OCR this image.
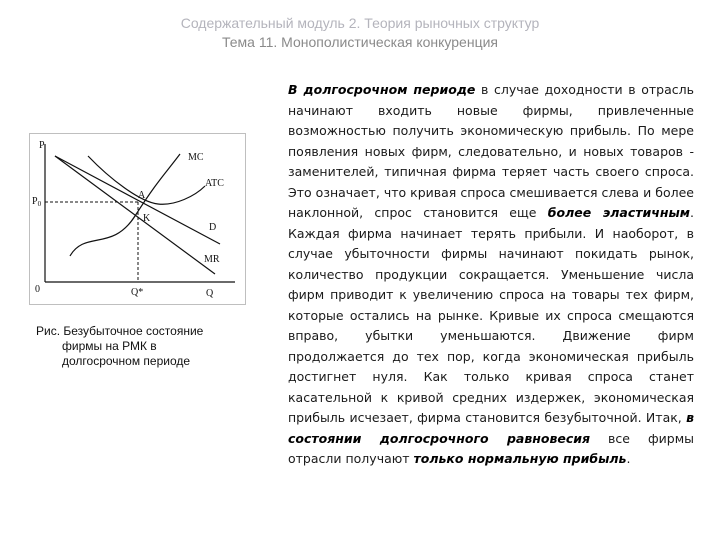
Содержательный модуль 2. Теория рыночных структур
Тема 11. Монополистическая конкуренция
P
$P_0$
0	Q
Q*
MC
ATC
A
K
D
MR
Рис. Безубыточное состояние
фирмы на РМК в
долгосрочном периоде
В долгосрочном периоде в случае доходности в отрасль начинают входить новые фирмы, привлеченные возможностью получить экономическую прибыль. По мере появления новых фирм, следовательно, и новых товаров - заменителей, типичная фирма теряет часть своего спроса. Это означает, что кривая спроса смешивается слева и более наклонной, спрос становится еще более эластичным. Каждая фирма начинает терять прибыли. И наоборот, в случае убыточности фирмы начинают покидать рынок, количество продукции сокращается. Уменьшение числа фирм приводит к увеличению спроса на товары тех фирм, которые остались на рынке. Кривые их спроса смещаются вправо, убытки уменьшаются. Движение фирм продолжается до тех пор, когда экономическая прибыль достигнет нуля. Как только кривая спроса станет касательной к кривой средних издержек, экономическая прибыль исчезает, фирма становится безубыточной. Итак, в состоянии долгосрочного равновесия все фирмы отрасли получают только нормальную прибыль.
